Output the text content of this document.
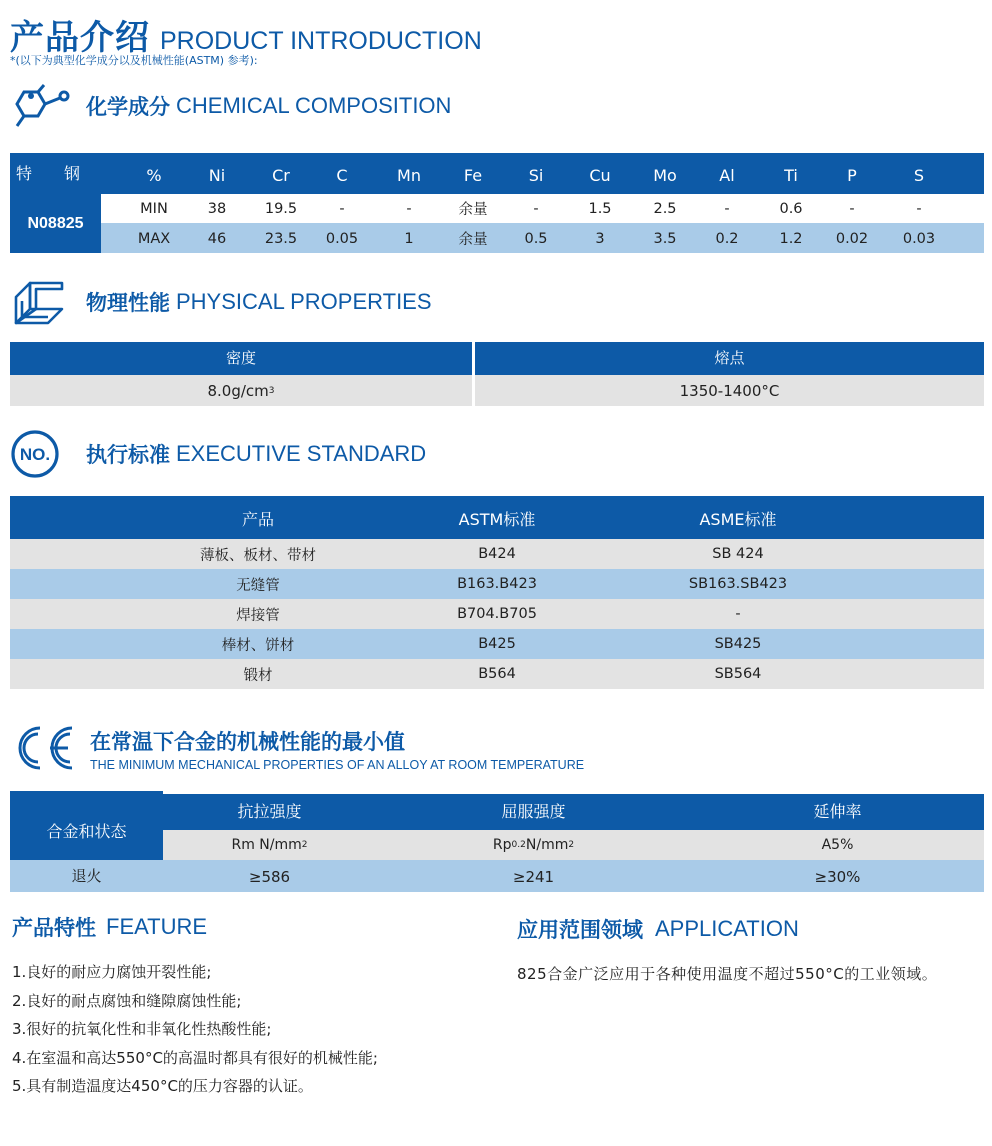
产品介绍 PRODUCT INTRODUCTION
*(以下为典型化学成分以及机械性能(ASTM) 参考):
化学成分 CHEMICAL COMPOSITION
特　　钢
N08825
%	Ni	Cr	C	Mn	Fe	Si	Cu	Mo	Al	Ti	P	S
MIN	38	19.5	-	-	余量	-	1.5	2.5	-	0.6	-	-
MAX	46	23.5	0.05	1	余量	0.5	3	3.5	0.2	1.2	0.02	0.03
物理性能 PHYSICAL PROPERTIES
密度	熔点
8.0g/cm 3	1350-1400°C
NO. 执行标准 EXECUTIVE STANDARD
产品	ASTM标准	ASME标准
薄板、板材、带材	B424	SB 424
无缝管	B163.B423	SB163.SB423
焊接管	B704.B705	-
棒材、饼材	B425	SB425
锻材	B564	SB564
在常温下合金的机械性能的最小值
THE MINIMUM MECHANICAL PROPERTIES OF AN ALLOY AT ROOM TEMPERATURE
合金和状态
抗拉强度	屈服强度	延伸率
Rm N/mm 2	Rp 0.2 N/mm 2	A5%
退火	≥586	≥241	≥30%
产品特性 FEATURE
1.良好的耐应力腐蚀开裂性能;
2.良好的耐点腐蚀和缝隙腐蚀性能;
3.很好的抗氧化性和非氧化性热酸性能;
4.在室温和高达550°C的高温时都具有很好的机械性能;
5.具有制造温度达450°C的压力容器的认证。
应用范围领域 APPLICATION
825合金广泛应用于各种使用温度不超过550°C的工业领域。
